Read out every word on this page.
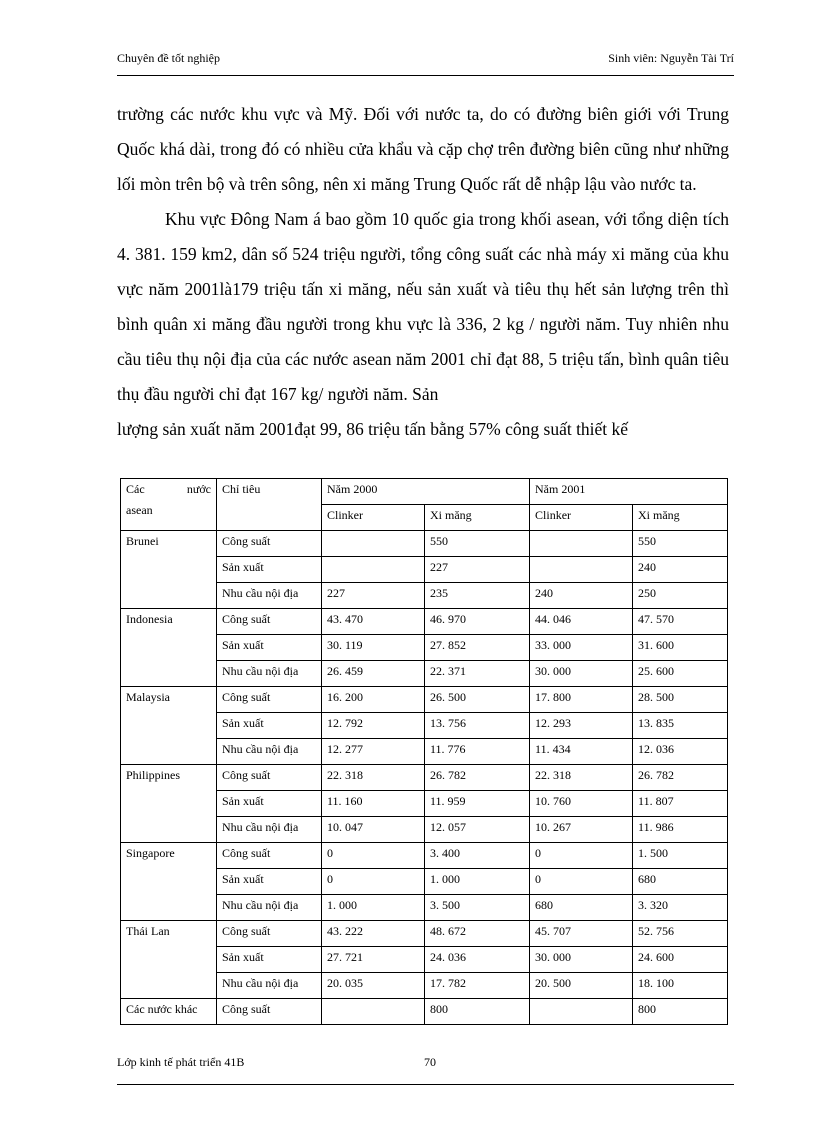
Chuyên đề tốt nghiệp	Sinh viên: Nguyễn Tài Trí

trường các nước khu vực và Mỹ. Đối với nước ta, do có đường biên giới với Trung Quốc khá dài, trong đó có nhiều cửa khẩu và cặp chợ trên đường biên cũng như những lối mòn trên bộ và trên sông, nên xi măng Trung Quốc rất dễ nhập lậu vào nước ta.

Khu vực Đông Nam á bao gồm 10 quốc gia trong khối asean, với tổng diện tích 4. 381. 159 km2, dân số 524 triệu người, tổng công suất các nhà máy xi măng của khu vực năm 2001là179 triệu tấn xi măng, nếu sản xuất và tiêu thụ hết sản lượng trên thì bình quân xi măng đầu người trong khu vực là 336, 2 kg / người năm. Tuy nhiên nhu cầu tiêu thụ nội địa của các nước asean năm 2001 chỉ đạt 88, 5 triệu tấn, bình quân tiêu thụ đầu người chỉ đạt 167 kg/ người năm. Sản

lượng sản xuất năm 2001đạt 99, 86 triệu tấn bằng 57% công suất thiết kế

Các nước
asean	Chỉ tiêu	Năm 2000		Năm 2001	
		Clinker	Xi măng	Clinker	Xi măng
Brunei	Công suất		550		550
	Sản xuất		227		240
	Nhu cầu nội địa	227	235	240	250
Indonesia	Công suất	43. 470	46. 970	44. 046	47. 570
	Sản xuất	30. 119	27. 852	33. 000	31. 600
	Nhu cầu nội địa	26. 459	22. 371	30. 000	25. 600
Malaysia	Công suất	16. 200	26. 500	17. 800	28. 500
	Sản xuất	12. 792	13. 756	12. 293	13. 835
	Nhu cầu nội địa	12. 277	11. 776	11. 434	12. 036
Philippines	Công suất	22. 318	26. 782	22. 318	26. 782
	Sản xuất	11. 160	11. 959	10. 760	11. 807
	Nhu cầu nội địa	10. 047	12. 057	10. 267	11. 986
Singapore	Công suất	0	3. 400	0	1. 500
	Sản xuất	0	1. 000	0	680
	Nhu cầu nội địa	1. 000	3. 500	680	3. 320
Thái Lan	Công suất	43. 222	48. 672	45. 707	52. 756
	Sản xuất	27. 721	24. 036	30. 000	24. 600
	Nhu cầu nội địa	20. 035	17. 782	20. 500	18. 100
Các nước khác	Công suất		800		800
Lớp kinh tế phát triển 41B	70
